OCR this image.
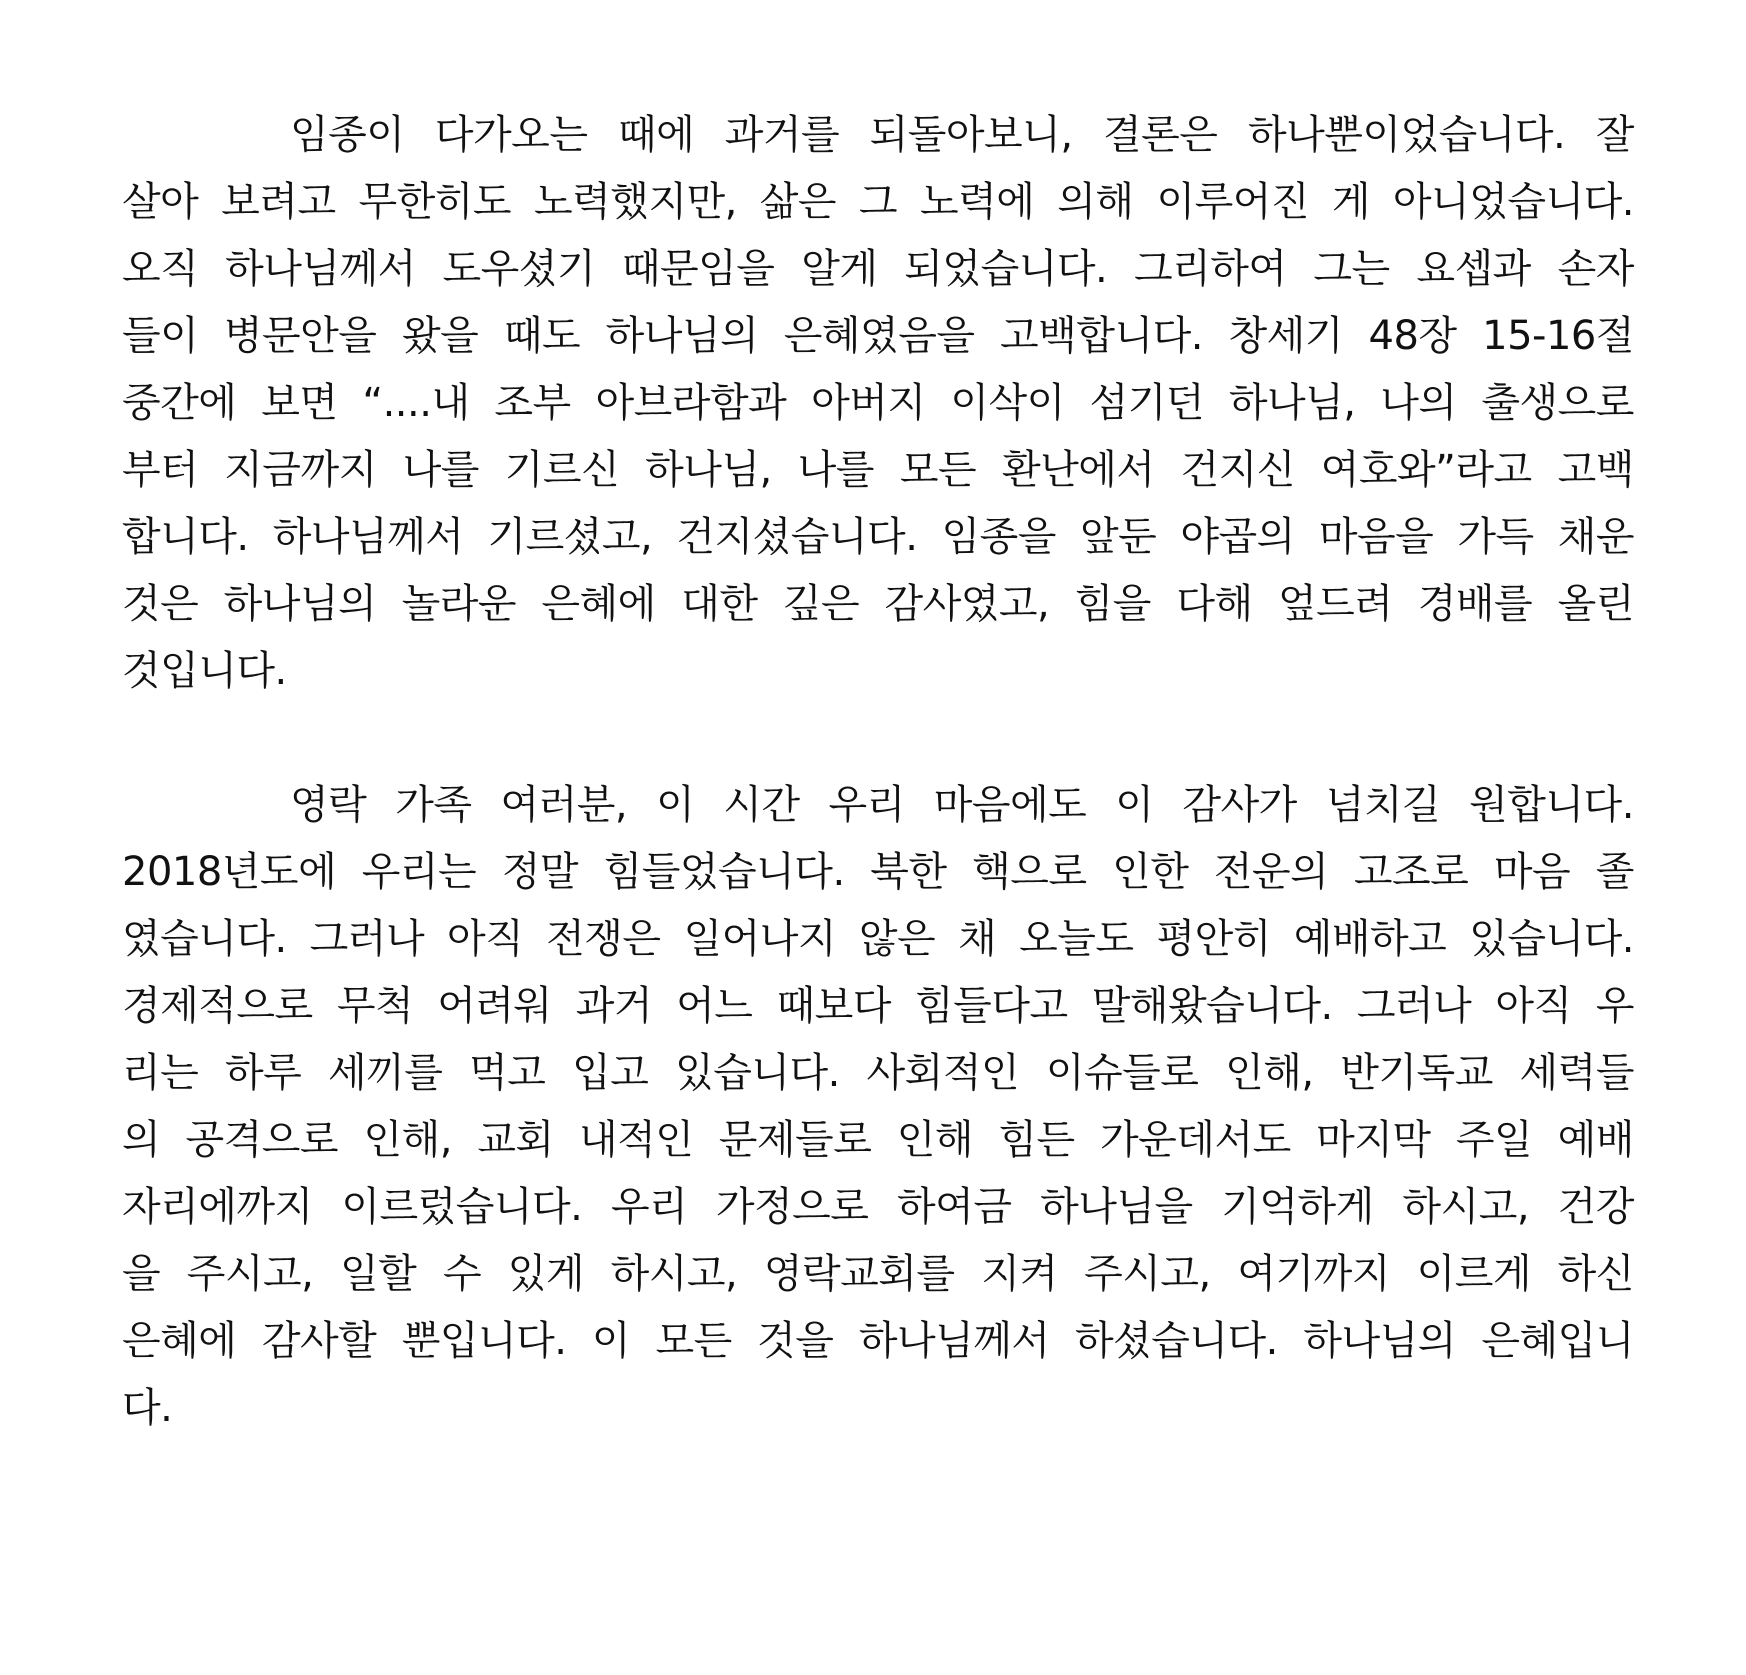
임종이 다가오는 때에 과거를 되돌아보니, 결론은 하나뿐이었습니다. 잘
살아 보려고 무한히도 노력했지만, 삶은 그 노력에 의해 이루어진 게 아니었습니다.
오직 하나님께서 도우셨기 때문임을 알게 되었습니다. 그리하여 그는 요셉과 손자
들이 병문안을 왔을 때도 하나님의 은혜였음을 고백합니다. 창세기 48장 15-16절
중간에 보면 “....내 조부 아브라함과 아버지 이삭이 섬기던 하나님, 나의 출생으로
부터 지금까지 나를 기르신 하나님, 나를 모든 환난에서 건지신 여호와”라고 고백
합니다. 하나님께서 기르셨고, 건지셨습니다. 임종을 앞둔 야곱의 마음을 가득 채운
것은 하나님의 놀라운 은혜에 대한 깊은 감사였고, 힘을 다해 엎드려 경배를 올린
것입니다.
영락 가족 여러분, 이 시간 우리 마음에도 이 감사가 넘치길 원합니다.
2018년도에 우리는 정말 힘들었습니다. 북한 핵으로 인한 전운의 고조로 마음 졸
였습니다. 그러나 아직 전쟁은 일어나지 않은 채 오늘도 평안히 예배하고 있습니다.
경제적으로 무척 어려워 과거 어느 때보다 힘들다고 말해왔습니다. 그러나 아직 우
리는 하루 세끼를 먹고 입고 있습니다. 사회적인 이슈들로 인해, 반기독교 세력들
의 공격으로 인해, 교회 내적인 문제들로 인해 힘든 가운데서도 마지막 주일 예배
자리에까지 이르렀습니다. 우리 가정으로 하여금 하나님을 기억하게 하시고, 건강
을 주시고, 일할 수 있게 하시고, 영락교회를 지켜 주시고, 여기까지 이르게 하신
은혜에 감사할 뿐입니다. 이 모든 것을 하나님께서 하셨습니다. 하나님의 은혜입니
다.
